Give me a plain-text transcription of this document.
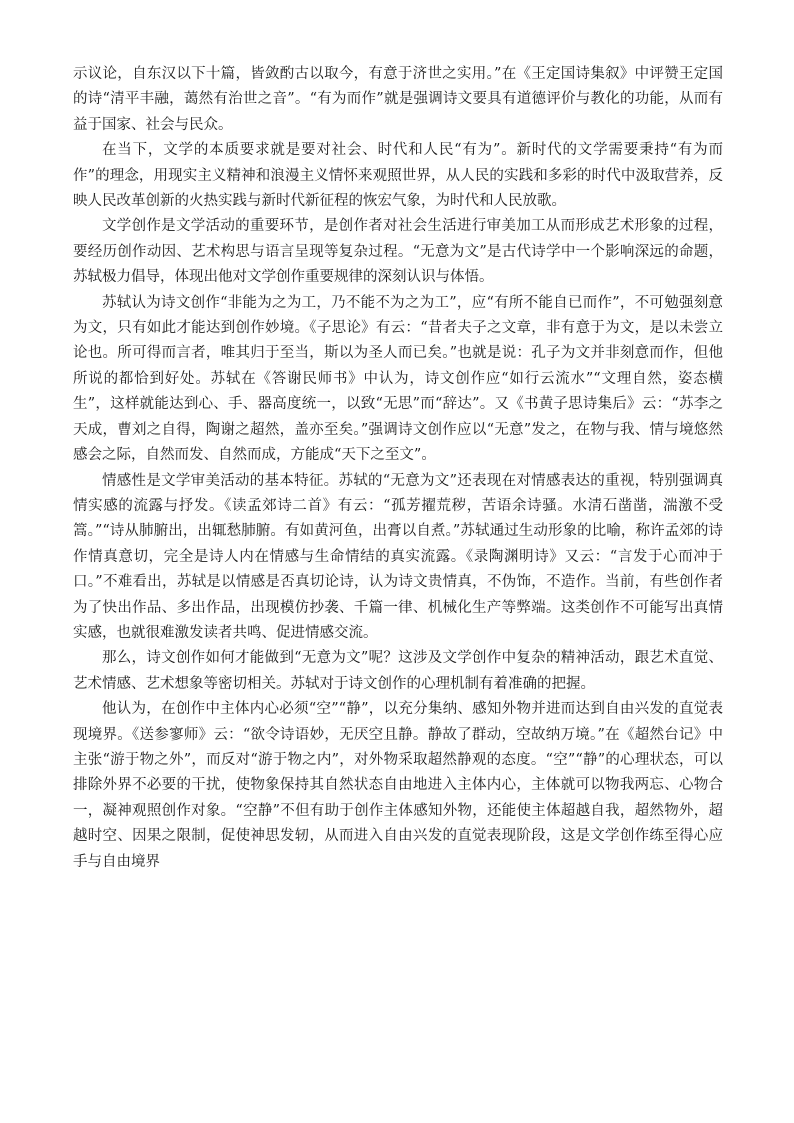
示议论，自东汉以下十篇，皆敛酌古以取今，有意于济世之实用。”在《王定国诗集叙》中评赞王定国的诗“清平丰融，蔼然有治世之音”。“有为而作”就是强调诗文要具有道德评价与教化的功能，从而有益于国家、社会与民众。

在当下，文学的本质要求就是要对社会、时代和人民“有为”。新时代的文学需要秉持“有为而作”的理念，用现实主义精神和浪漫主义情怀来观照世界，从人民的实践和多彩的时代中汲取营养，反映人民改革创新的火热实践与新时代新征程的恢宏气象，为时代和人民放歌。

文学创作是文学活动的重要环节，是创作者对社会生活进行审美加工从而形成艺术形象的过程，要经历创作动因、艺术构思与语言呈现等复杂过程。“无意为文”是古代诗学中一个影响深远的命题，苏轼极力倡导，体现出他对文学创作重要规律的深刻认识与体悟。

苏轼认为诗文创作“非能为之为工，乃不能不为之为工”，应“有所不能自已而作”，不可勉强刻意为文，只有如此才能达到创作妙境。《子思论》有云：“昔者夫子之文章，非有意于为文，是以未尝立论也。所可得而言者，唯其归于至当，斯以为圣人而已矣。”也就是说：孔子为文并非刻意而作，但他所说的都恰到好处。苏轼在《答谢民师书》中认为，诗文创作应“如行云流水”“文理自然，姿态横生”，这样就能达到心、手、器高度统一，以致“无思”而“辞达”。又《书黄子思诗集后》云：“苏李之天成，曹刘之自得，陶谢之超然，盖亦至矣。”强调诗文创作应以“无意”发之，在物与我、情与境悠然感会之际，自然而发、自然而成，方能成“天下之至文”。

情感性是文学审美活动的基本特征。苏轼的“无意为文”还表现在对情感表达的重视，特别强调真情实感的流露与抒发。《读孟郊诗二首》有云：“孤芳擢荒秽，苦语余诗骚。水清石凿凿，湍激不受篙。”“诗从肺腑出，出辄愁肺腑。有如黄河鱼，出膏以自煮。”苏轼通过生动形象的比喻，称许孟郊的诗作情真意切，完全是诗人内在情感与生命情结的真实流露。《录陶渊明诗》又云：“言发于心而冲于口。”不难看出，苏轼是以情感是否真切论诗，认为诗文贵情真，不伪饰，不造作。当前，有些创作者为了快出作品、多出作品，出现模仿抄袭、千篇一律、机械化生产等弊端。这类创作不可能写出真情实感，也就很难激发读者共鸣、促进情感交流。

那么，诗文创作如何才能做到“无意为文”呢？这涉及文学创作中复杂的精神活动，跟艺术直觉、艺术情感、艺术想象等密切相关。苏轼对于诗文创作的心理机制有着准确的把握。

他认为，在创作中主体内心必须“空”“静”，以充分集纳、感知外物并进而达到自由兴发的直觉表现境界。《送参寥师》云：“欲令诗语妙，无厌空且静。静故了群动，空故纳万境。”在《超然台记》中主张“游于物之外”，而反对“游于物之内”，对外物采取超然静观的态度。“空”“静”的心理状态，可以排除外界不必要的干扰，使物象保持其自然状态自由地进入主体内心，主体就可以物我两忘、心物合一，凝神观照创作对象。“空静”不但有助于创作主体感知外物，还能使主体超越自我，超然物外，超越时空、因果之限制，促使神思发轫，从而进入自由兴发的直觉表现阶段，这是文学创作练至得心应手与自由境界
